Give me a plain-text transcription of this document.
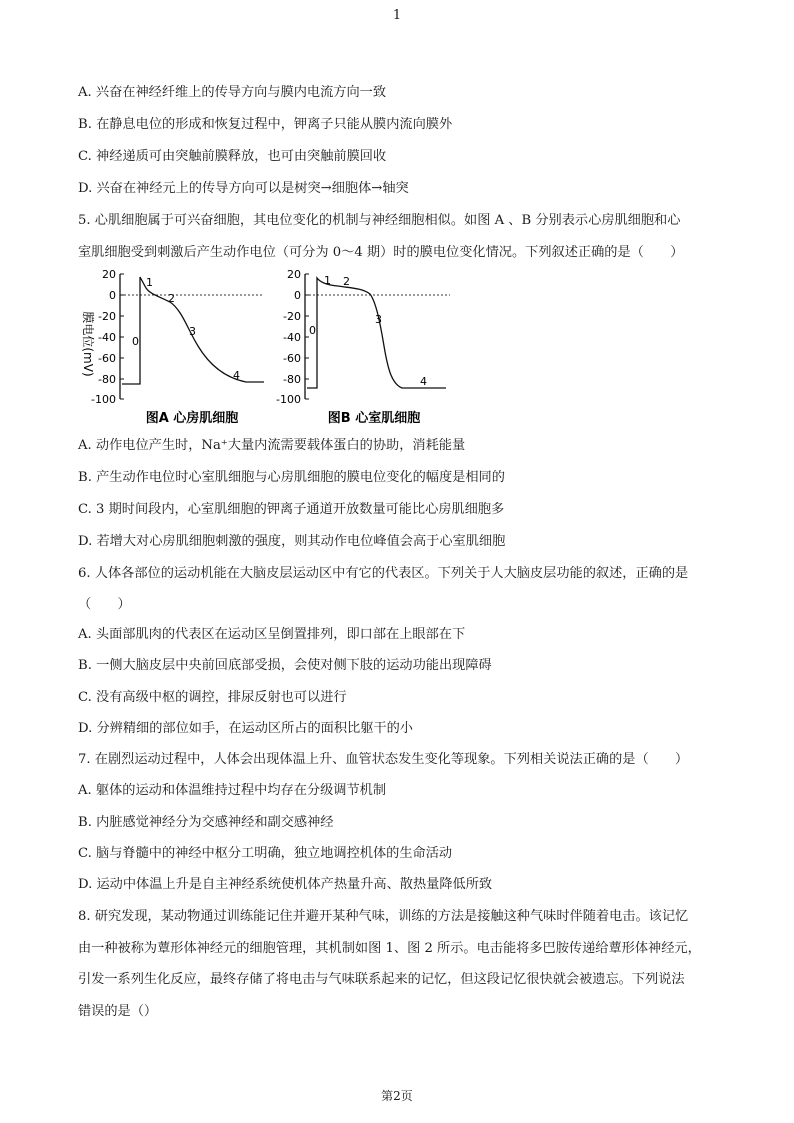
1
A. 兴奋在神经纤维上的传导方向与膜内电流方向一致
B. 在静息电位的形成和恢复过程中，钾离子只能从膜内流向膜外
C. 神经递质可由突触前膜释放，也可由突触前膜回收
D. 兴奋在神经元上的传导方向可以是树突→细胞体→轴突
5. 心肌细胞属于可兴奋细胞，其电位变化的机制与神经细胞相似。如图 A 、B 分别表示心房肌细胞和心
室肌细胞受到刺激后产生动作电位（可分为 0～4 期）时的膜电位变化情况。下列叙述正确的是（　　）
膜电位(mV)
20
0
-20
-40
-60
-80
-100
0
1
2
3
4
图A 心房肌细胞
20
0
-20
-40
-60
-80
-100
0
1 2
3
4
图B 心室肌细胞
A. 动作电位产生时，Na⁺大量内流需要载体蛋白的协助，消耗能量
B. 产生动作电位时心室肌细胞与心房肌细胞的膜电位变化的幅度是相同的
C. 3 期时间段内，心室肌细胞的钾离子通道开放数量可能比心房肌细胞多
D. 若增大对心房肌细胞刺激的强度，则其动作电位峰值会高于心室肌细胞
6. 人体各部位的运动机能在大脑皮层运动区中有它的代表区。下列关于人大脑皮层功能的叙述，正确的是
（　　）
A. 头面部肌肉的代表区在运动区呈倒置排列，即口部在上眼部在下
B. 一侧大脑皮层中央前回底部受损，会使对侧下肢的运动功能出现障碍
C. 没有高级中枢的调控，排尿反射也可以进行
D. 分辨精细的部位如手，在运动区所占的面积比躯干的小
7. 在剧烈运动过程中，人体会出现体温上升、血管状态发生变化等现象。下列相关说法正确的是（　　）
A. 躯体的运动和体温维持过程中均存在分级调节机制
B. 内脏感觉神经分为交感神经和副交感神经
C. 脑与脊髓中的神经中枢分工明确，独立地调控机体的生命活动
D. 运动中体温上升是自主神经系统使机体产热量升高、散热量降低所致
8. 研究发现，某动物通过训练能记住并避开某种气味，训练的方法是接触这种气味时伴随着电击。该记忆
由一种被称为蕈形体神经元的细胞管理，其机制如图 1、图 2 所示。电击能将多巴胺传递给蕈形体神经元，
引发一系列生化反应，最终存储了将电击与气味联系起来的记忆，但这段记忆很快就会被遗忘。下列说法
错误的是（）
第2页
